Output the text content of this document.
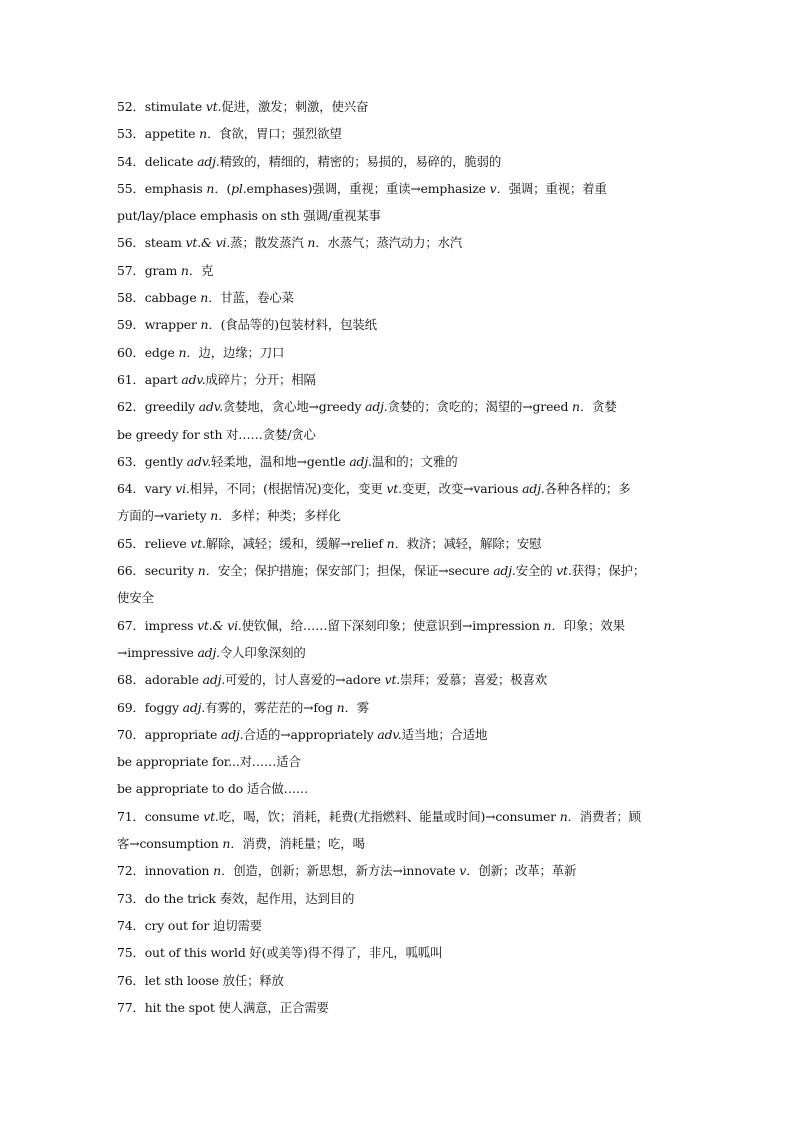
52．stimulate vt.促进，激发；刺激，使兴奋
53．appetite n．食欲，胃口；强烈欲望
54．delicate adj.精致的，精细的，精密的；易损的，易碎的，脆弱的
55．emphasis n．(pl.emphases)强调，重视；重读→emphasize v．强调；重视；着重
put/lay/place emphasis on sth 强调/重视某事
56．steam vt.& vi.蒸；散发蒸汽 n．水蒸气；蒸汽动力；水汽
57．gram n．克
58．cabbage n．甘蓝，卷心菜
59．wrapper n．(食品等的)包装材料，包装纸
60．edge n．边，边缘；刀口
61．apart adv.成碎片；分开；相隔
62．greedily adv.贪婪地，贪心地→greedy adj.贪婪的；贪吃的；渴望的→greed n．贪婪
be greedy for sth 对……贪婪/贪心
63．gently adv.轻柔地，温和地→gentle adj.温和的；文雅的
64．vary vi.相异，不同；(根据情况)变化，变更 vt.变更，改变→various adj.各种各样的；多
方面的→variety n．多样；种类；多样化
65．relieve vt.解除，减轻；缓和，缓解→relief n．救济；减轻，解除；安慰
66．security n．安全；保护措施；保安部门；担保，保证→secure adj.安全的 vt.获得；保护；
使安全
67．impress vt.& vi.使钦佩，给……留下深刻印象；使意识到→impression n．印象；效果
→impressive adj.令人印象深刻的
68．adorable adj.可爱的，讨人喜爱的→adore vt.崇拜；爱慕；喜爱；极喜欢
69．foggy adj.有雾的，雾茫茫的→fog n．雾
70．appropriate adj.合适的→appropriately adv.适当地；合适地
be appropriate for...对……适合
be appropriate to do 适合做……
71．consume vt.吃，喝，饮；消耗，耗费(尤指燃料、能量或时间)→consumer n．消费者；顾
客→consumption n．消费，消耗量；吃，喝
72．innovation n．创造，创新；新思想，新方法→innovate v．创新；改革；革新
73．do the trick 奏效，起作用，达到目的
74．cry out for 迫切需要
75．out of this world 好(或美等)得不得了，非凡，呱呱叫
76．let sth loose 放任；释放
77．hit the spot 使人满意，正合需要
